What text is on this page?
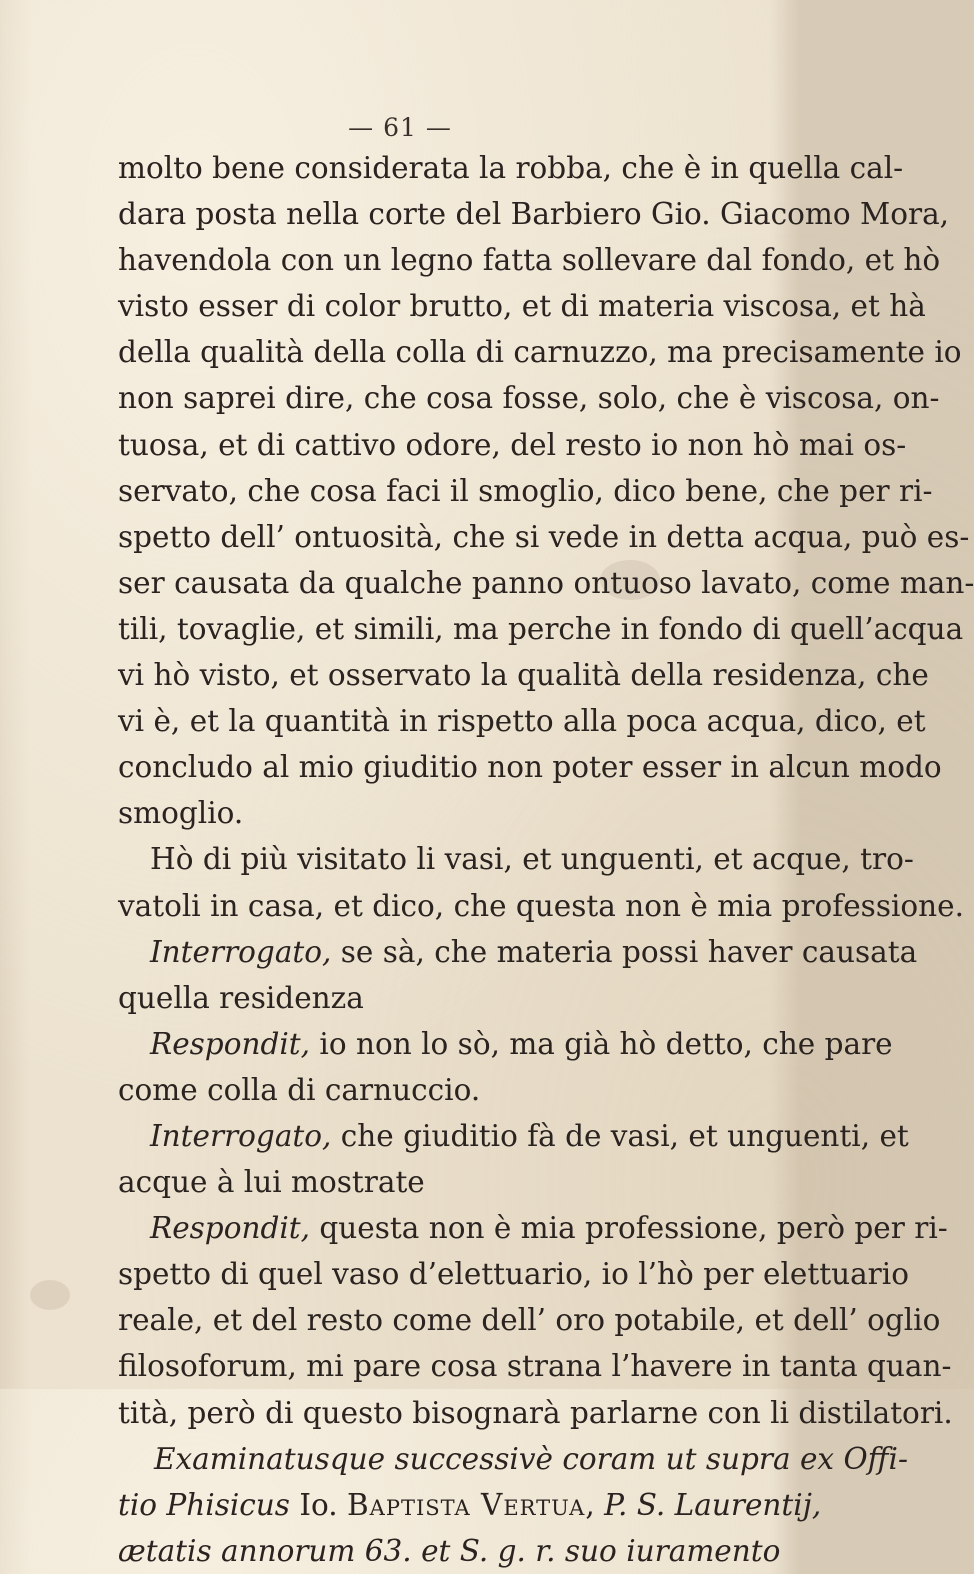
— 61 —
molto bene considerata la robba, che è in quella cal-
dara posta nella corte del Barbiero Gio. Giacomo Mora,
havendola con un legno fatta sollevare dal fondo, et hò
visto esser di color brutto, et di materia viscosa, et hà
della qualità della colla di carnuzzo, ma precisamente io
non saprei dire, che cosa fosse, solo, che è viscosa, on-
tuosa, et di cattivo odore, del resto io non hò mai os-
servato, che cosa faci il smoglio, dico bene, che per ri-
spetto dell’ ontuosità, che si vede in detta acqua, può es-
ser causata da qualche panno ontuoso lavato, come man-
tili, tovaglie, et simili, ma perche in fondo di quell’acqua
vi hò visto, et osservato la qualità della residenza, che
vi è, et la quantità in rispetto alla poca acqua, dico, et
concludo al mio giuditio non poter esser in alcun modo
smoglio.
Hò di più visitato li vasi, et unguenti, et acque, tro-
vatoli in casa, et dico, che questa non è mia professione.
Interrogato, se sà, che materia possi haver causata
quella residenza
Respondit, io non lo sò, ma già hò detto, che pare
come colla di carnuccio.
Interrogato, che giuditio fà de vasi, et unguenti, et
acque à lui mostrate
Respondit, questa non è mia professione, però per ri-
spetto di quel vaso d’elettuario, io l’hò per elettuario
reale, et del resto come dell’ oro potabile, et dell’ oglio
filosoforum, mi pare cosa strana l’havere in tanta quan-
tità, però di questo bisognarà parlarne con li distilatori.
Examinatusque successivè coram ut supra ex Offi-
tio Phisicus Io. Baptista Vertua, P. S. Laurentij,
ætatis annorum 63. et S. g. r. suo iuramento
